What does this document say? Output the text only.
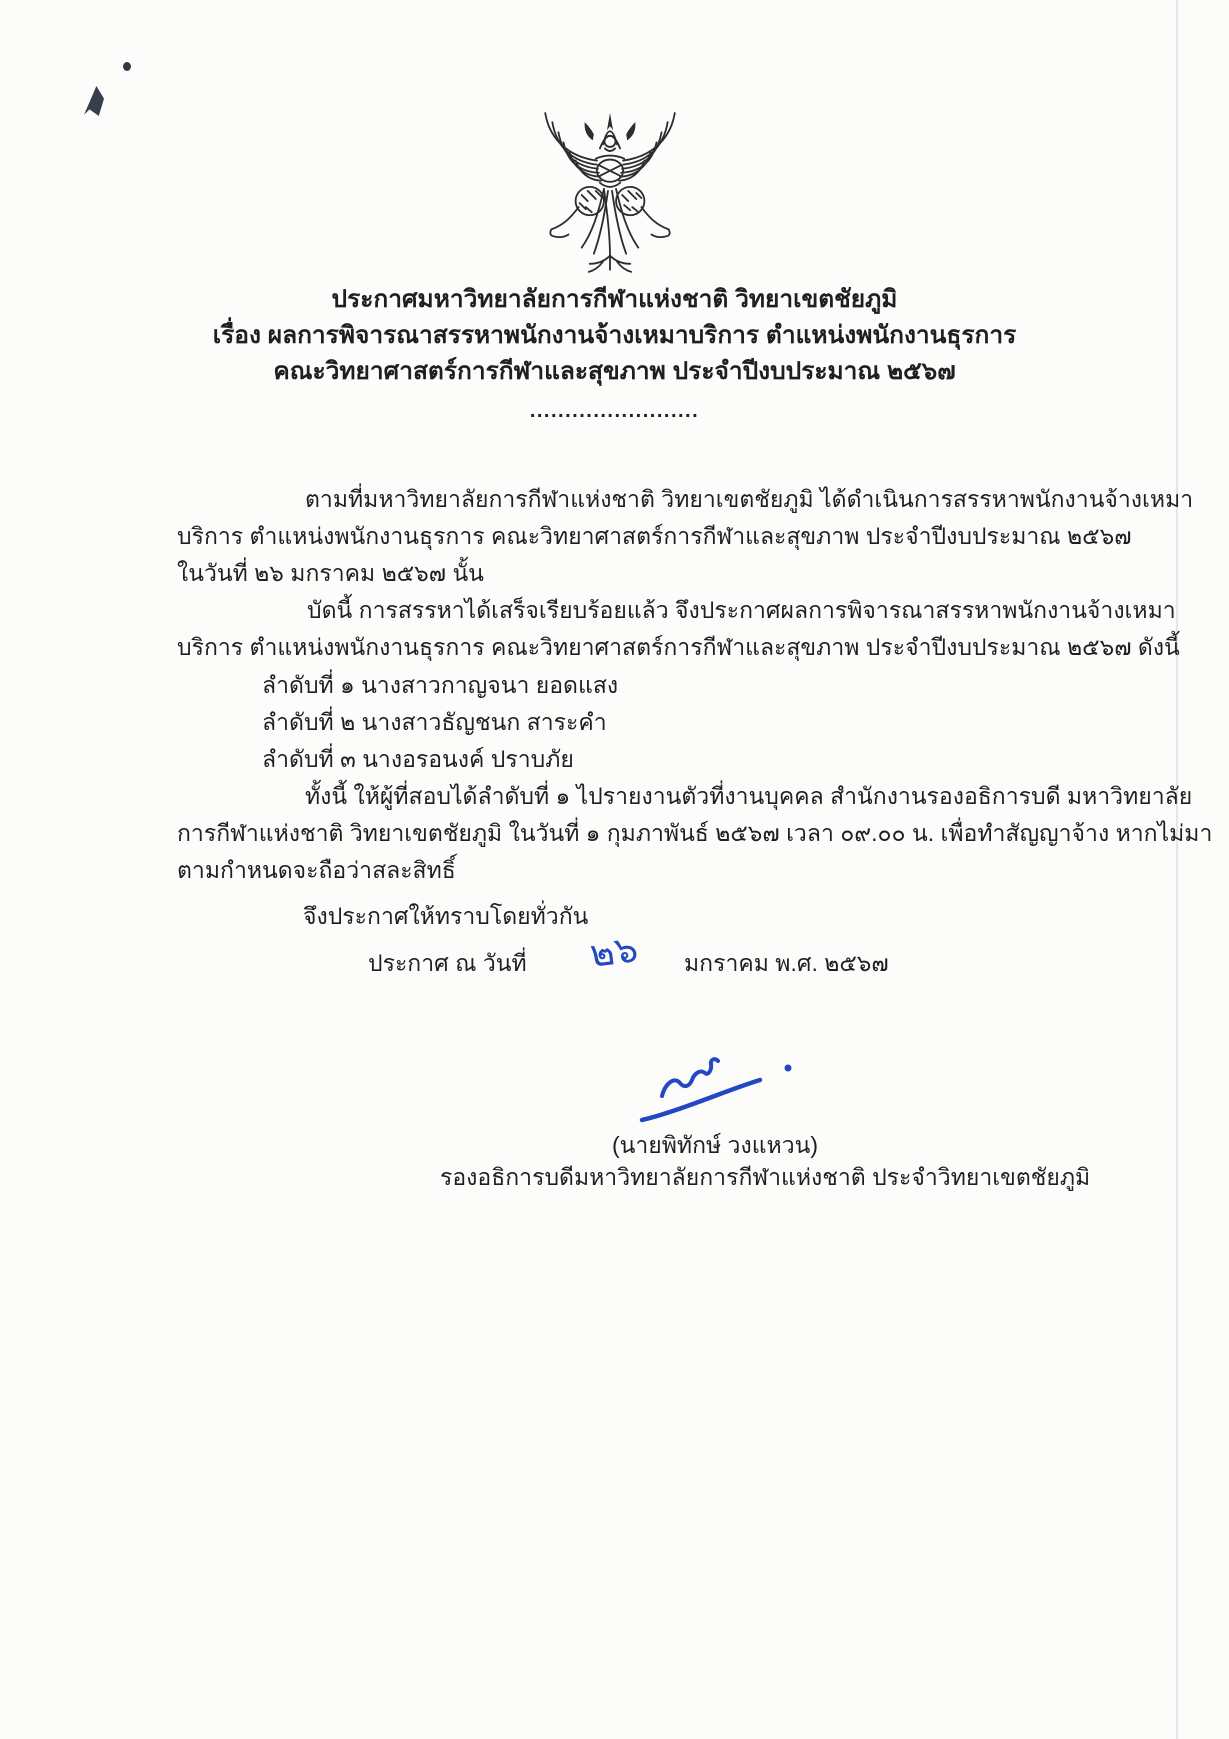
ประกาศมหาวิทยาลัยการกีฬาแห่งชาติ วิทยาเขตชัยภูมิ
เรื่อง ผลการพิจารณาสรรหาพนักงานจ้างเหมาบริการ ตำแหน่งพนักงานธุรการ
คณะวิทยาศาสตร์การกีฬาและสุขภาพ ประจำปีงบประมาณ ๒๕๖๗
........................
ตามที่มหาวิทยาลัยการกีฬาแห่งชาติ วิทยาเขตชัยภูมิ ได้ดำเนินการสรรหาพนักงานจ้างเหมา
บริการ ตำแหน่งพนักงานธุรการ คณะวิทยาศาสตร์การกีฬาและสุขภาพ ประจำปีงบประมาณ ๒๕๖๗
ในวันที่ ๒๖ มกราคม ๒๕๖๗ นั้น
บัดนี้ การสรรหาได้เสร็จเรียบร้อยแล้ว จึงประกาศผลการพิจารณาสรรหาพนักงานจ้างเหมา
บริการ ตำแหน่งพนักงานธุรการ คณะวิทยาศาสตร์การกีฬาและสุขภาพ ประจำปีงบประมาณ ๒๕๖๗ ดังนี้
ลำดับที่ ๑ นางสาวกาญจนา ยอดแสง
ลำดับที่ ๒ นางสาวธัญชนก สาระคำ
ลำดับที่ ๓ นางอรอนงค์ ปราบภัย
ทั้งนี้ ให้ผู้ที่สอบได้ลำดับที่ ๑ ไปรายงานตัวที่งานบุคคล สำนักงานรองอธิการบดี มหาวิทยาลัย
การกีฬาแห่งชาติ วิทยาเขตชัยภูมิ ในวันที่ ๑ กุมภาพันธ์ ๒๕๖๗ เวลา ๐๙.๐๐ น. เพื่อทำสัญญาจ้าง หากไม่มา
ตามกำหนดจะถือว่าสละสิทธิ์
จึงประกาศให้ทราบโดยทั่วกัน
ประกาศ ณ วันที่ ๒๖ มกราคม พ.ศ. ๒๕๖๗
(นายพิทักษ์ วงแหวน)
รองอธิการบดีมหาวิทยาลัยการกีฬาแห่งชาติ ประจำวิทยาเขตชัยภูมิ
